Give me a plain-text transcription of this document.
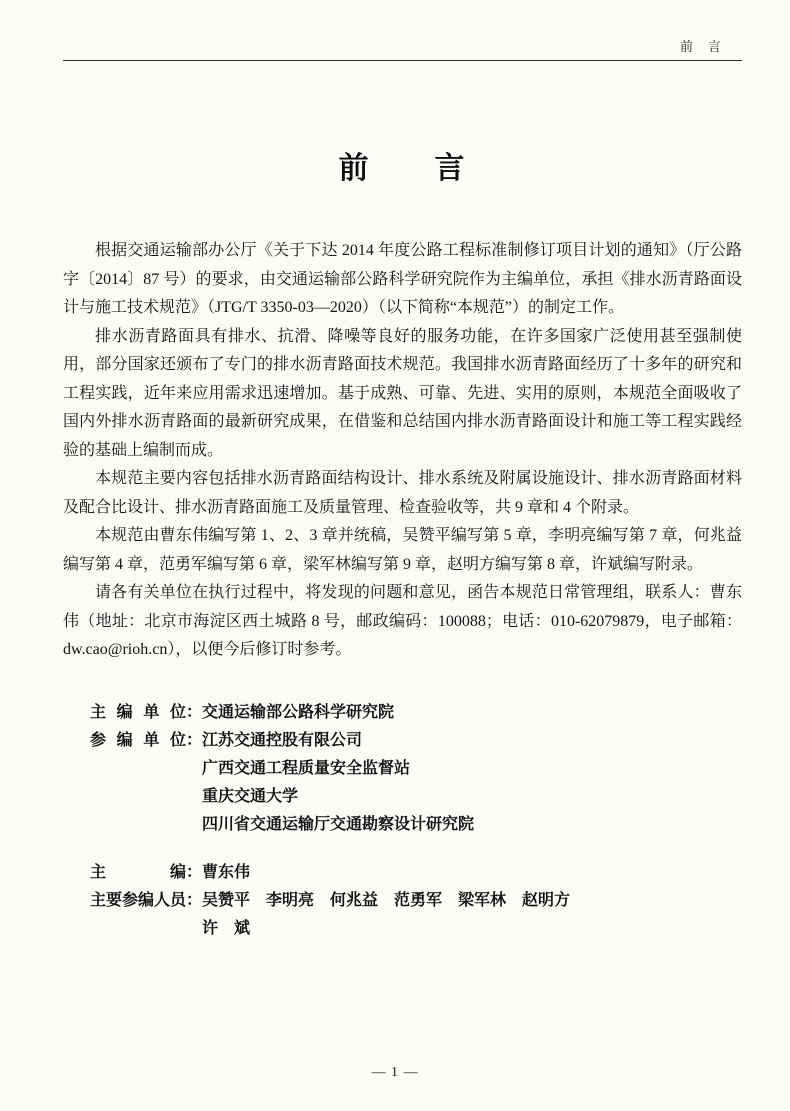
前　言
前　　言

根据交通运输部办公厅《关于下达 2014 年度公路工程标准制修订项目计划的通知》（厅公路字〔2014〕87 号）的要求，由交通运输部公路科学研究院作为主编单位，承担《排水沥青路面设计与施工技术规范》（JTG/T 3350-03—2020）（以下简称“本规范”）的制定工作。

排水沥青路面具有排水、抗滑、降噪等良好的服务功能，在许多国家广泛使用甚至强制使用，部分国家还颁布了专门的排水沥青路面技术规范。我国排水沥青路面经历了十多年的研究和工程实践，近年来应用需求迅速增加。基于成熟、可靠、先进、实用的原则，本规范全面吸收了国内外排水沥青路面的最新研究成果，在借鉴和总结国内排水沥青路面设计和施工等工程实践经验的基础上编制而成。

本规范主要内容包括排水沥青路面结构设计、排水系统及附属设施设计、排水沥青路面材料及配合比设计、排水沥青路面施工及质量管理、检查验收等，共 9 章和 4 个附录。

本规范由曹东伟编写第 1、2、3 章并统稿，吴赞平编写第 5 章，李明亮编写第 7 章，何兆益编写第 4 章，范勇军编写第 6 章，梁军林编写第 9 章，赵明方编写第 8 章，许斌编写附录。

请各有关单位在执行过程中，将发现的问题和意见，函告本规范日常管理组，联系人：曹东伟（地址：北京市海淀区西土城路 8 号，邮政编码：100088；电话：010-62079879，电子邮箱：dw.cao@rioh.cn），以便今后修订时参考。

主编单位 ： 交通运输部公路科学研究院
参编单位 ： 江苏交通控股有限公司
广西交通工程质量安全监督站
重庆交通大学
四川省交通运输厅交通勘察设计研究院
主编 ： 曹东伟
主要参编人员 ： 吴赞平　李明亮　何兆益　范勇军　梁军林　赵明方
许　斌
— 1 —
